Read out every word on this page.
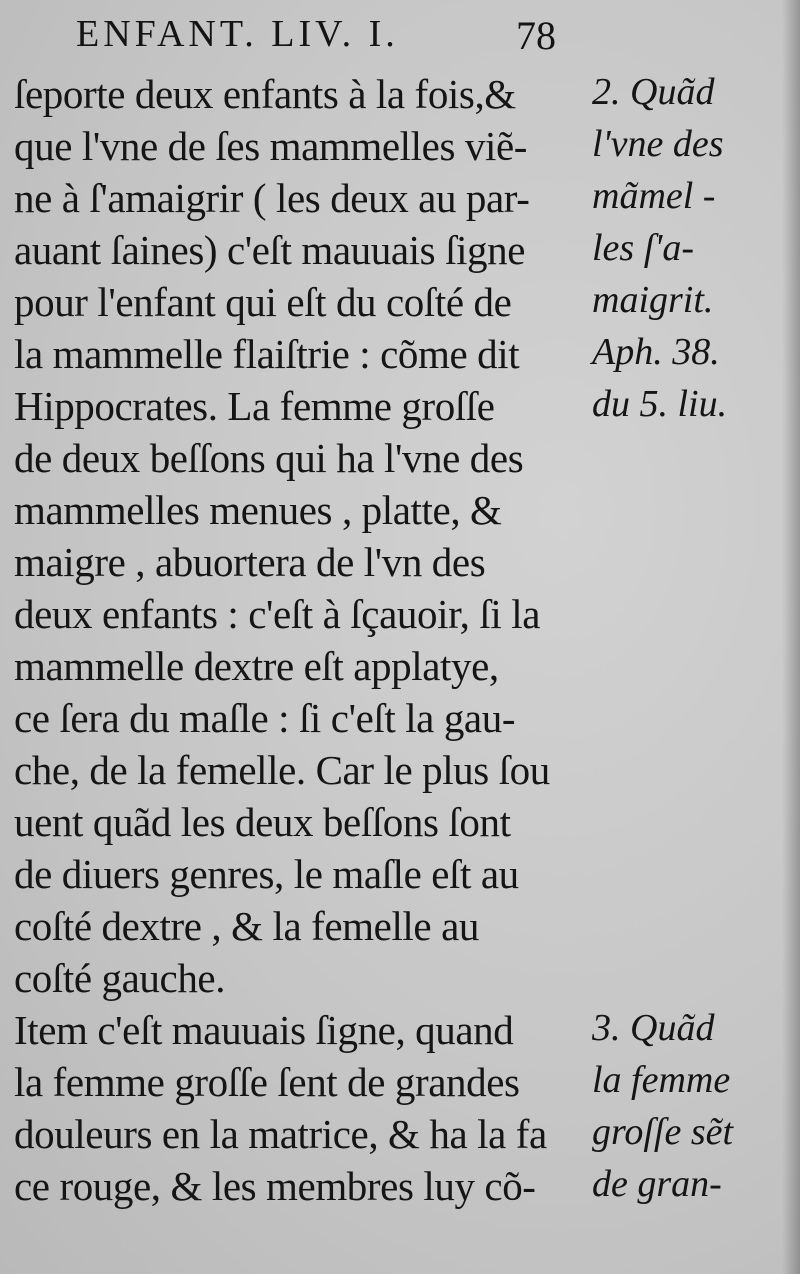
ENFANT. LIV. I.	78
ſeporte deux enfants à la fois,& 2. Quãd
que l'vne de ſes mammelles viẽ- l'vne des
ne à ſ'amaigrir ( les deux au par- mãmel -
auant ſaines) c'eſt mauuais ſigne les ſ'a-
pour l'enfant qui eſt du coſté de maigrit.
la mammelle flaiſtrie : cõme dit Aph. 38.
Hippocrates. La femme groſſe	du 5. liu.
de deux beſſons qui ha l'vne des
mammelles menues , platte, &
maigre , abuortera de l'vn des
deux enfants : c'eſt à ſçauoir, ſi la
mammelle dextre eſt applatye,
ce ſera du maſle : ſi c'eſt la gau-
che, de la femelle. Car le plus ſou
uent quãd les deux beſſons ſont
de diuers genres, le maſle eſt au
coſté dextre , & la femelle au
coſté gauche.
Item c'eſt mauuais ſigne, quand 3. Quãd
la femme groſſe ſent de grandes la femme
douleurs en la matrice, & ha la fa groſſe sẽt
ce rouge, & les membres luy cõ- de gran-
